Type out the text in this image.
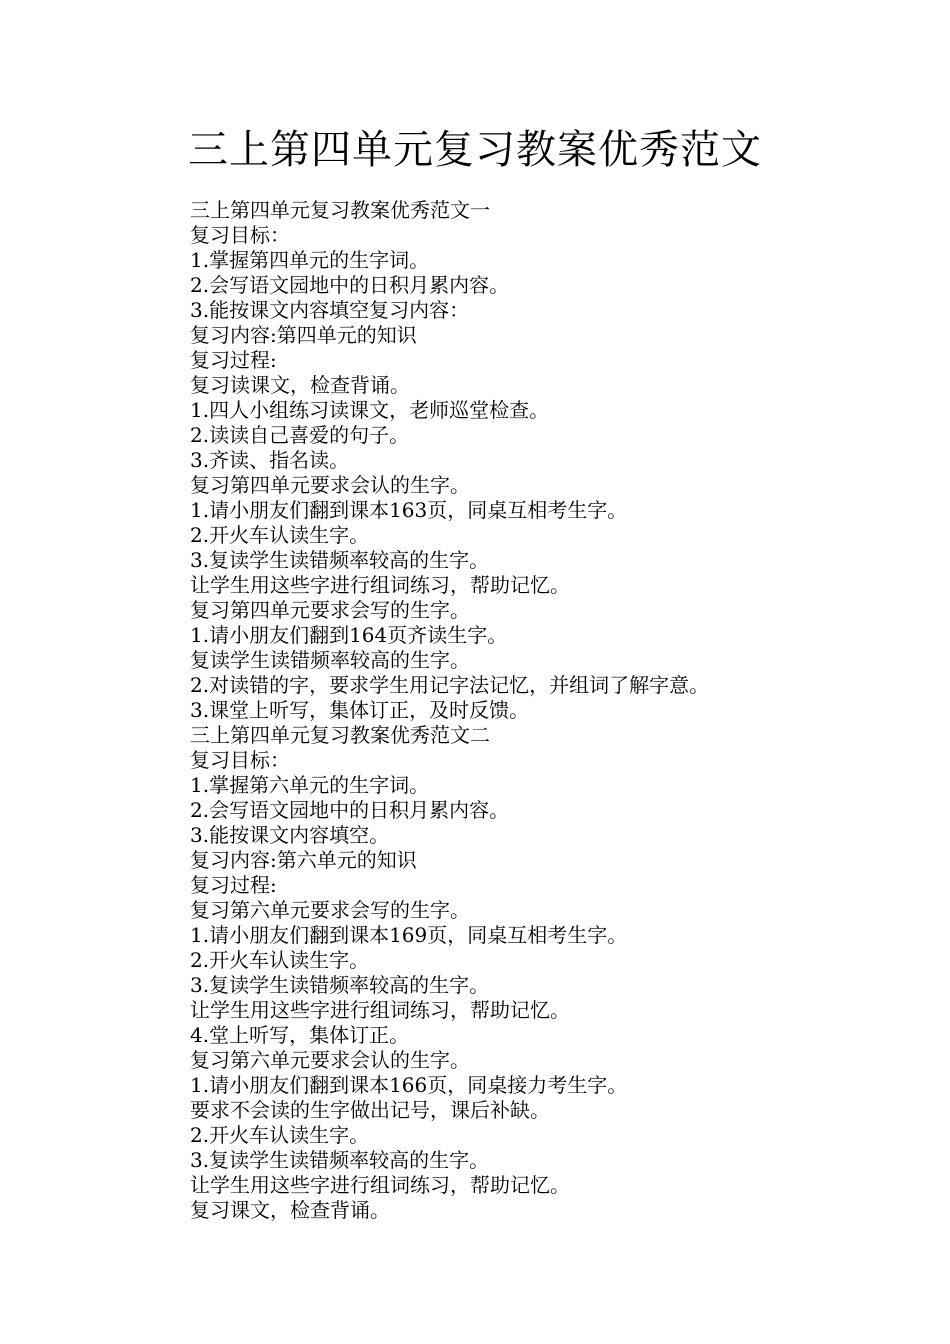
三上第四单元复习教案优秀范文
三上第四单元复习教案优秀范文一
复习目标：
1.掌握第四单元的生字词。
2.会写语文园地中的日积月累内容。
3.能按课文内容填空复习内容：
复习内容:第四单元的知识
复习过程:
复习读课文，检查背诵。
1.四人小组练习读课文，老师巡堂检查。
2.读读自己喜爱的句子。
3.齐读、指名读。
复习第四单元要求会认的生字。
1.请小朋友们翻到课本163页，同桌互相考生字。
2.开火车认读生字。
3.复读学生读错频率较高的生字。
让学生用这些字进行组词练习，帮助记忆。
复习第四单元要求会写的生字。
1.请小朋友们翻到164页齐读生字。
复读学生读错频率较高的生字。
2.对读错的字，要求学生用记字法记忆，并组词了解字意。
3.课堂上听写，集体订正，及时反馈。
三上第四单元复习教案优秀范文二
复习目标：
1.掌握第六单元的生字词。
2.会写语文园地中的日积月累内容。
3.能按课文内容填空。
复习内容:第六单元的知识
复习过程:
复习第六单元要求会写的生字。
1.请小朋友们翻到课本169页，同桌互相考生字。
2.开火车认读生字。
3.复读学生读错频率较高的生字。
让学生用这些字进行组词练习，帮助记忆。
4.堂上听写，集体订正。
复习第六单元要求会认的生字。
1.请小朋友们翻到课本166页，同桌接力考生字。
要求不会读的生字做出记号，课后补缺。
2.开火车认读生字。
3.复读学生读错频率较高的生字。
让学生用这些字进行组词练习，帮助记忆。
复习课文，检查背诵。
